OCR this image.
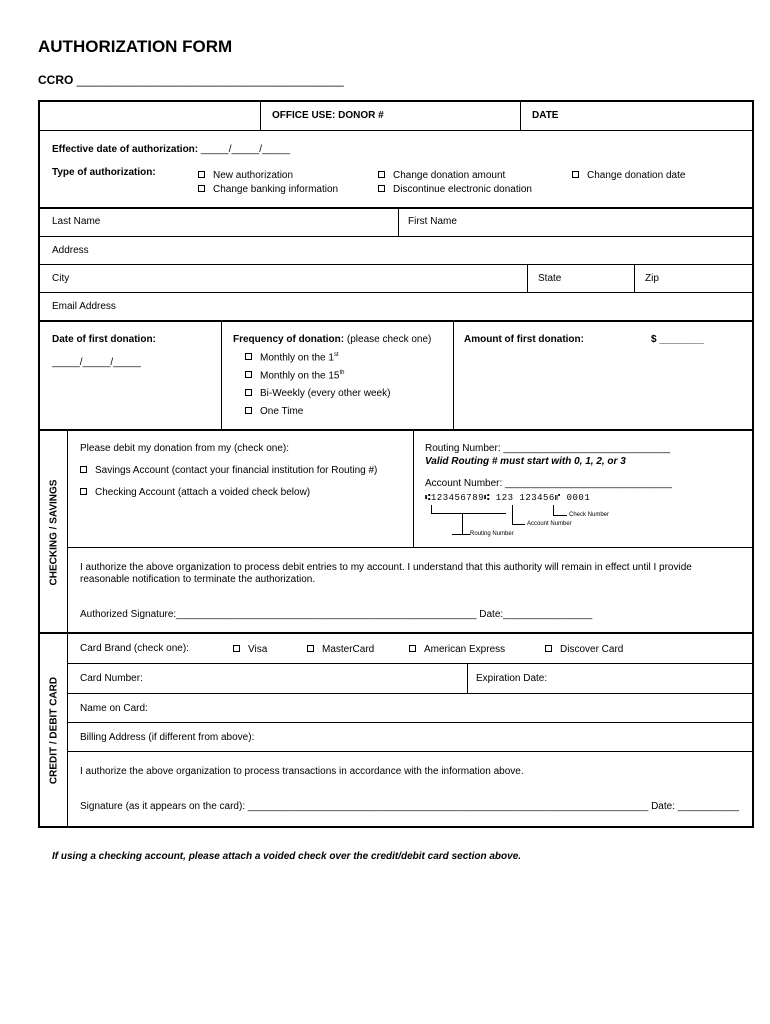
AUTHORIZATION FORM
CCRO ________________________________________
OFFICE USE: DONOR #	DATE
Effective date of authorization: _____/_____/_____
Type of authorization:	New authorization
Change banking information
Change donation amount
Discontinue electronic donation
Change donation date
Last Name	First Name
Address
City	State	Zip
Email Address
Date of first donation:
_____/_____/_____
Frequency of donation: (please check one)
Monthly on the 1st
Monthly on the 15th
Bi-Weekly (every other week)
One Time
Amount of first donation:	$ ________
CHECKING / SAVINGS
Please debit my donation from my (check one):
Savings Account (contact your financial institution for Routing #)
Checking Account (attach a voided check below)
Routing Number: ______________________________
Valid Routing # must start with 0, 1, 2, or 3
Account Number: ______________________________
⑆123456789⑆ 123 123456⑈ 0001
Check Number
Account Number
Routing Number
I authorize the above organization to process debit entries to my account. I understand that this authority will remain in effect until I provide
reasonable notification to terminate the authorization.
Authorized Signature:______________________________________________________ Date:________________
CREDIT / DEBIT CARD
Card Brand (check one):	Visa	MasterCard	American Express	Discover Card
Card Number:	Expiration Date:
Name on Card:
Billing Address (if different from above):
I authorize the above organization to process transactions in accordance with the information above.
Signature (as it appears on the card): ________________________________________________________________________ Date: ___________
If using a checking account, please attach a voided check over the credit/debit card section above.
